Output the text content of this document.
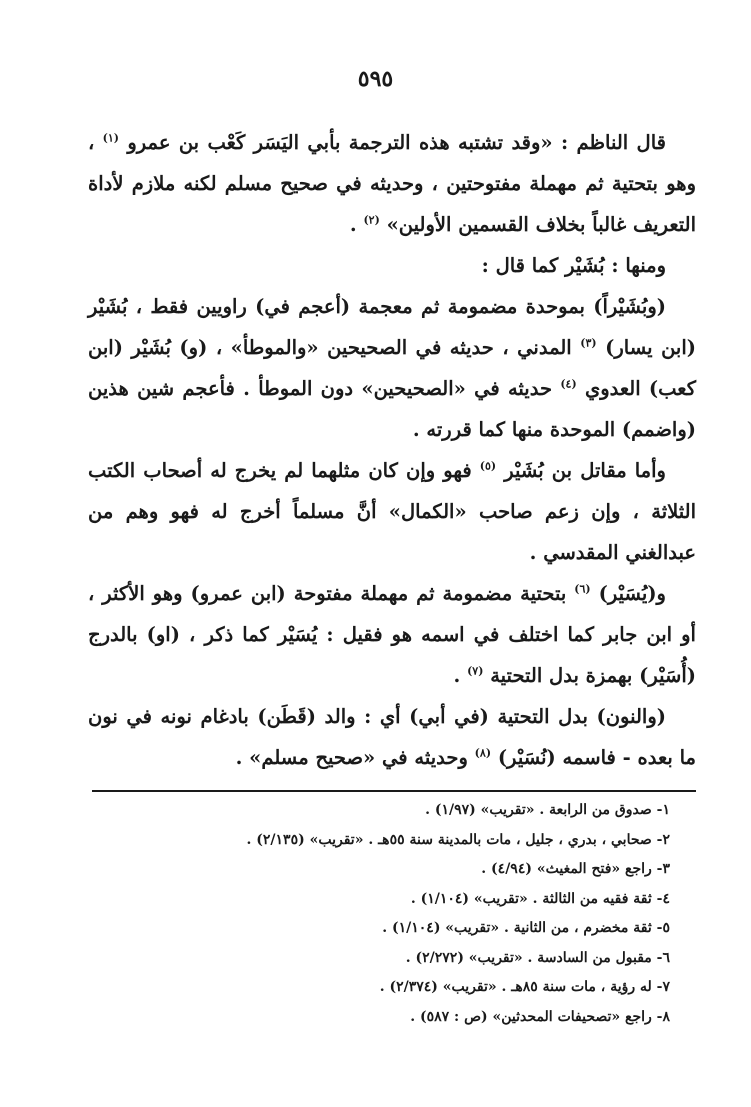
٥٩٥

قال الناظم : «وقد تشتبه هذه الترجمة بأبي اليَسَر كَعْب بن عمرو $^{(١)}$ ، وهو بتحتية ثم مهملة مفتوحتين ، وحديثه في صحيح مسلم لكنه ملازم لأداة التعريف غالباً بخلاف القسمين الأولين» $^{(٢)}$ .

ومنها : بُشَيْر كما قال :

(وبُشَيْراً) بموحدة مضمومة ثم معجمة (أعجم في) راويين فقط ، بُشَيْر (ابن يسار) $^{(٣)}$ المدني ، حديثه في الصحيحين «والموطأ» ، (و) بُشَيْر (ابن كعب) العدوي $^{(٤)}$ حديثه في «الصحيحين» دون الموطأ . فأعجم شين هذين (واضمم) الموحدة منها كما قررته .

وأما مقاتل بن بُشَيْر $^{(٥)}$ فهو وإن كان مثلهما لم يخرج له أصحاب الكتب الثلاثة ، وإن زعم صاحب «الكمال» أنَّ مسلماً أخرج له فهو وهم من عبدالغني المقدسي .

و(يُسَيْر) $^{(٦)}$ بتحتية مضمومة ثم مهملة مفتوحة (ابن عمرو) وهو الأكثر ، أو ابن جابر كما اختلف في اسمه هو فقيل : يُسَيْر كما ذكر ، (او) بالدرج (أُسَيْر) بهمزة بدل التحتية $^{(٧)}$ .

(والنون) بدل التحتية (في أبي) أي : والد (قَطَن) بادغام نونه في نون ما بعده - فاسمه (نُسَيْر) $^{(٨)}$ وحديثه في «صحيح مسلم» .

١- صدوق من الرابعة . «تقريب» (١/٩٧) .

٢- صحابي ، بدري ، جليل ، مات بالمدينة سنة ٥٥هـ . «تقريب» (٢/١٣٥) .

٣- راجع «فتح المغيث» (٤/٩٤) .

٤- ثقة فقيه من الثالثة . «تقريب» (١/١٠٤) .

٥- ثقة مخضرم ، من الثانية . «تقريب» (١/١٠٤) .

٦- مقبول من السادسة . «تقريب» (٢/٢٧٢) .

٧- له رؤية ، مات سنة ٨٥هـ . «تقريب» (٢/٣٧٤) .

٨- راجع «تصحيفات المحدثين» (ص : ٥٨٧) .
